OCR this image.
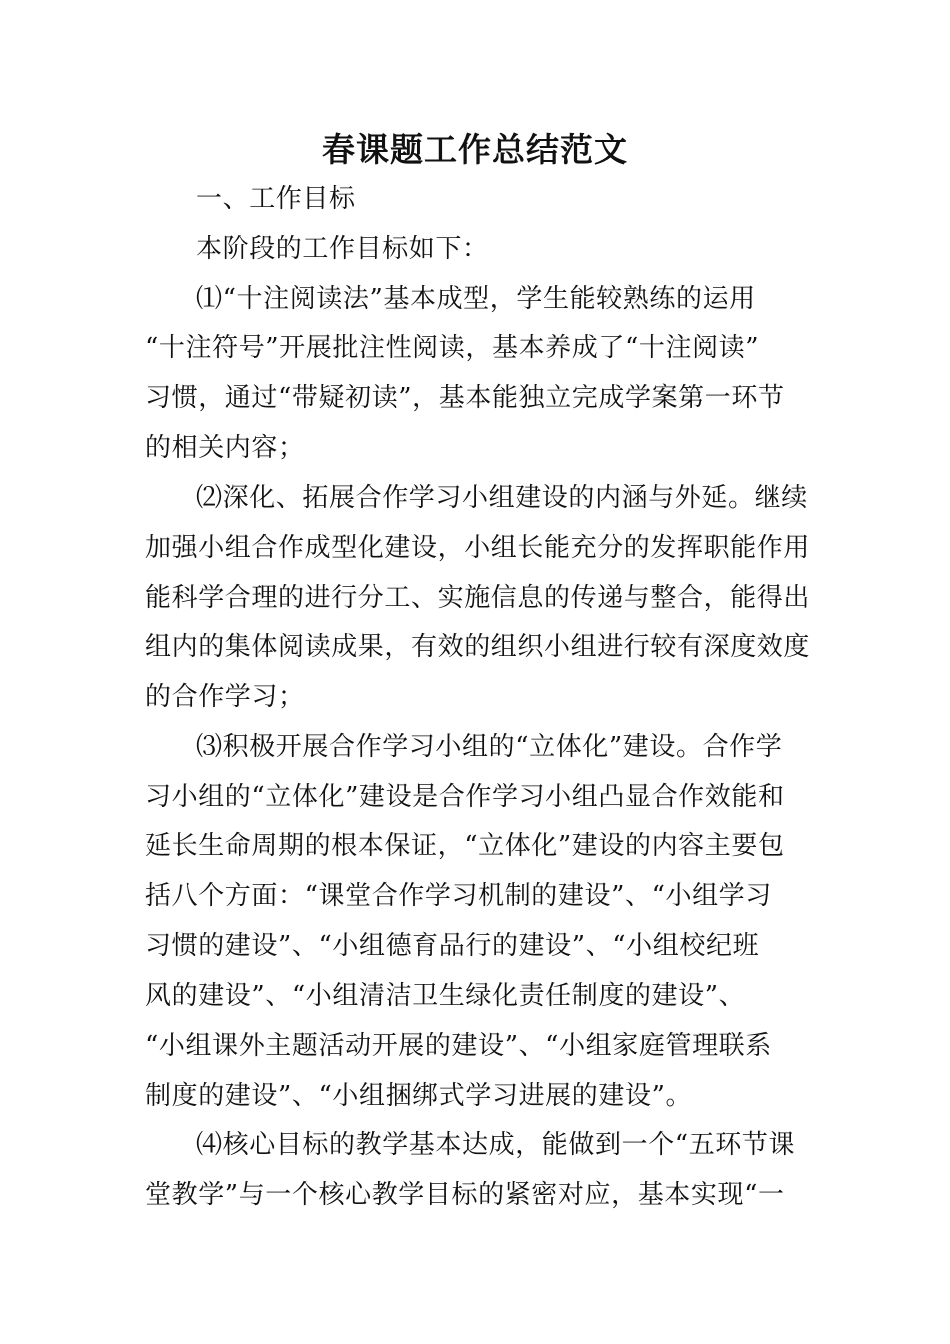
春课题工作总结范文
一、工作目标
本阶段的工作目标如下：
⑴“十注阅读法”基本成型，学生能较熟练的运用
“十注符号”开展批注性阅读，基本养成了“十注阅读”
习惯，通过“带疑初读”，基本能独立完成学案第一环节
的相关内容；
⑵深化、拓展合作学习小组建设的内涵与外延。继续
加强小组合作成型化建设，小组长能充分的发挥职能作用
能科学合理的进行分工、实施信息的传递与整合，能得出
组内的集体阅读成果，有效的组织小组进行较有深度效度
的合作学习；
⑶积极开展合作学习小组的“立体化”建设。合作学
习小组的“立体化”建设是合作学习小组凸显合作效能和
延长生命周期的根本保证，“立体化”建设的内容主要包
括八个方面：“课堂合作学习机制的建设”、“小组学习
习惯的建设”、“小组德育品行的建设”、“小组校纪班
风的建设”、“小组清洁卫生绿化责任制度的建设”、
“小组课外主题活动开展的建设”、“小组家庭管理联系
制度的建设”、“小组捆绑式学习进展的建设”。
⑷核心目标的教学基本达成，能做到一个“五环节课
堂教学”与一个核心教学目标的紧密对应，基本实现“一
